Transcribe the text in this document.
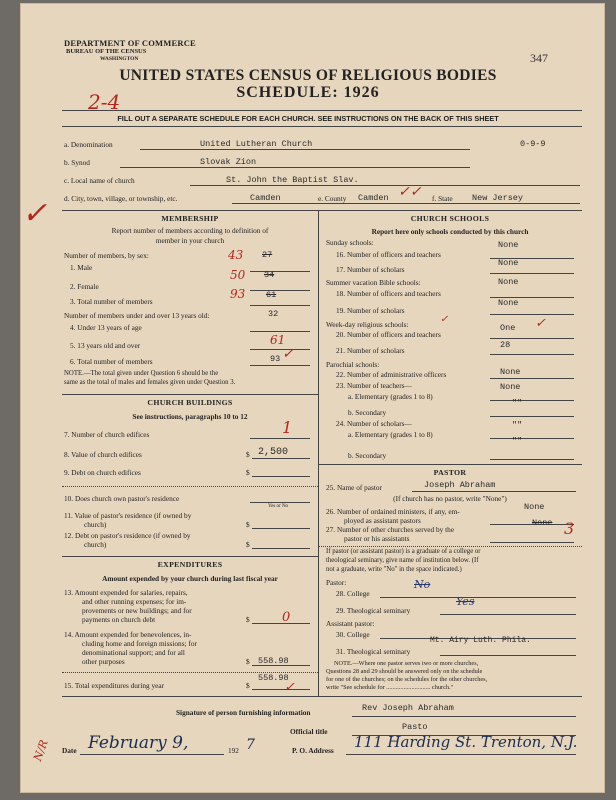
DEPARTMENT OF COMMERCE
BUREAU OF THE CENSUS
WASHINGTON	347
UNITED STATES CENSUS OF RELIGIOUS BODIES
SCHEDULE: 1926
2-4
FILL OUT A SEPARATE SCHEDULE FOR EACH CHURCH. SEE INSTRUCTIONS ON THE BACK OF THIS SHEET
✓
a. Denomination	United Lutheran Church	0-9-9
b. Synod	Slovak Zion
c. Local name of church	St. John the Baptist Slav.
d. City, town, village, or township, etc.	Camden	e. County Camden ✓✓ f. State New Jersey
MEMBERSHIP
Report number of members according to definition of
member in your church
Number of members, by sex:
1. Male
43 27
2. Female
50 34
3. Total number of members
93 61
Number of members under and over 13 years old:	32
4. Under 13 years of age
5. 13 years old and over	61
6. Total number of members	93 ✓
NOTE.—The total given under Question 6 should be the
same as the total of males and females given under Question 3.
CHURCH BUILDINGS
See instructions, paragraphs 10 to 12
7. Number of church edifices	1
8. Value of church edifices	$ 2,500
9. Debt on church edifices	$
10. Does church own pastor's residence
Yes or No
11. Value of pastor's residence (if owned by
church)	$
12. Debt on pastor's residence (if owned by
church)	$
EXPENDITURES
Amount expended by your church during last fiscal year
13. Amount expended for salaries, repairs,
and other running expenses; for im-
provements or new buildings; and for
payments on church debt	$ 0
14. Amount expended for benevolences, in-
cluding home and foreign missions; for
denominational support; and for all
other purposes	$ 558.98
15. Total expenditures during year	$
558.98
✓
CHURCH SCHOOLS
Report here only schools conducted by this church
Sunday schools:
16. Number of officers and teachers
None
17. Number of scholars
None
Summer vacation Bible schools:
18. Number of officers and teachers
None
19. Number of scholars
None
Week-day religious schools:	✓
20. Number of officers and teachers
One ✓
21. Number of scholars
28
Parochial schools:
22. Number of administrative officers	None
23. Number of teachers—
a. Elementary (grades 1 to 8)
None
b. Secondary
""
24. Number of scholars—
a. Elementary (grades 1 to 8)
""
b. Secondary
""
PASTOR
25. Name of pastor	Joseph Abraham
(If church has no pastor, write "None")
26. Number of ordained ministers, if any, em-
ployed as assistant pastors
None
27. Number of other churches served by the
pastor or his assistants
None 3
If pastor (or assistant pastor) is a graduate of a college or
theological seminary, give name of institution below. (If
not a graduate, write "No" in the space indicated.)
Pastor:
28. College
No
29. Theological seminary
Yes
Assistant pastor:
30. College
31. Theological seminary
Mt. Airy Luth. Phila.
NOTE.—Where one pastor serves two or more churches,
Questions 28 and 29 should be answered only on the schedule
for one of the churches; on the schedules for the other churches,
write "See schedule for ............................ church."
Signature of person furnishing information	Rev Joseph Abraham
Official title	Pasto
N/R Date February 9,	192 7	P. O. Address 111 Harding St. Trenton, N.J.
